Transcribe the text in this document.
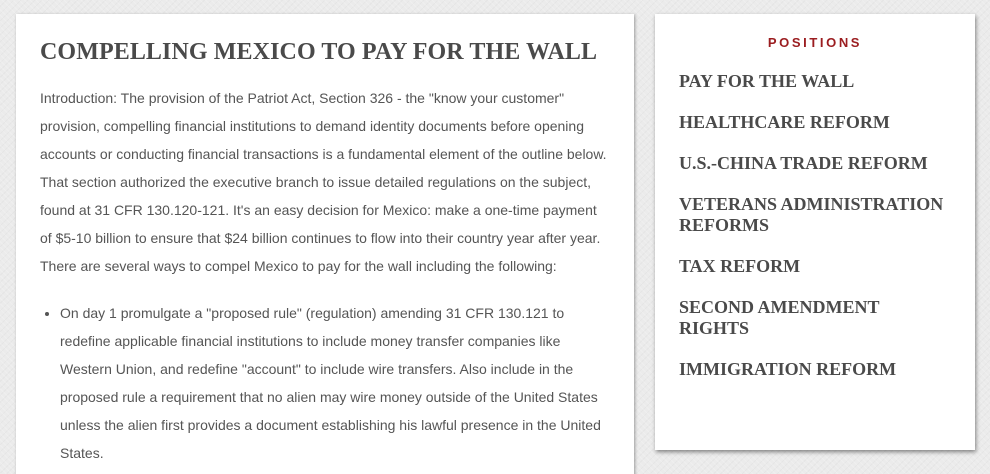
COMPELLING MEXICO TO PAY FOR THE WALL

Introduction: The provision of the Patriot Act, Section 326 - the "know your customer" provision, compelling financial institutions to demand identity documents before opening accounts or conducting financial transactions is a fundamental element of the outline below. That section authorized the executive branch to issue detailed regulations on the subject, found at 31 CFR 130.120-121. It's an easy decision for Mexico: make a one-time payment of $5-10 billion to ensure that $24 billion continues to flow into their country year after year. There are several ways to compel Mexico to pay for the wall including the following:

• On day 1 promulgate a "proposed rule" (regulation) amending 31 CFR 130.121 to redefine applicable financial institutions to include money transfer companies like Western Union, and redefine "account" to include wire transfers. Also include in the proposed rule a requirement that no alien may wire money outside of the United States unless the alien first provides a document establishing his lawful presence in the United States.
POSITIONS
PAY FOR THE WALL
HEALTHCARE REFORM
U.S.-CHINA TRADE REFORM
VETERANS ADMINISTRATION REFORMS
TAX REFORM
SECOND AMENDMENT RIGHTS
IMMIGRATION REFORM
